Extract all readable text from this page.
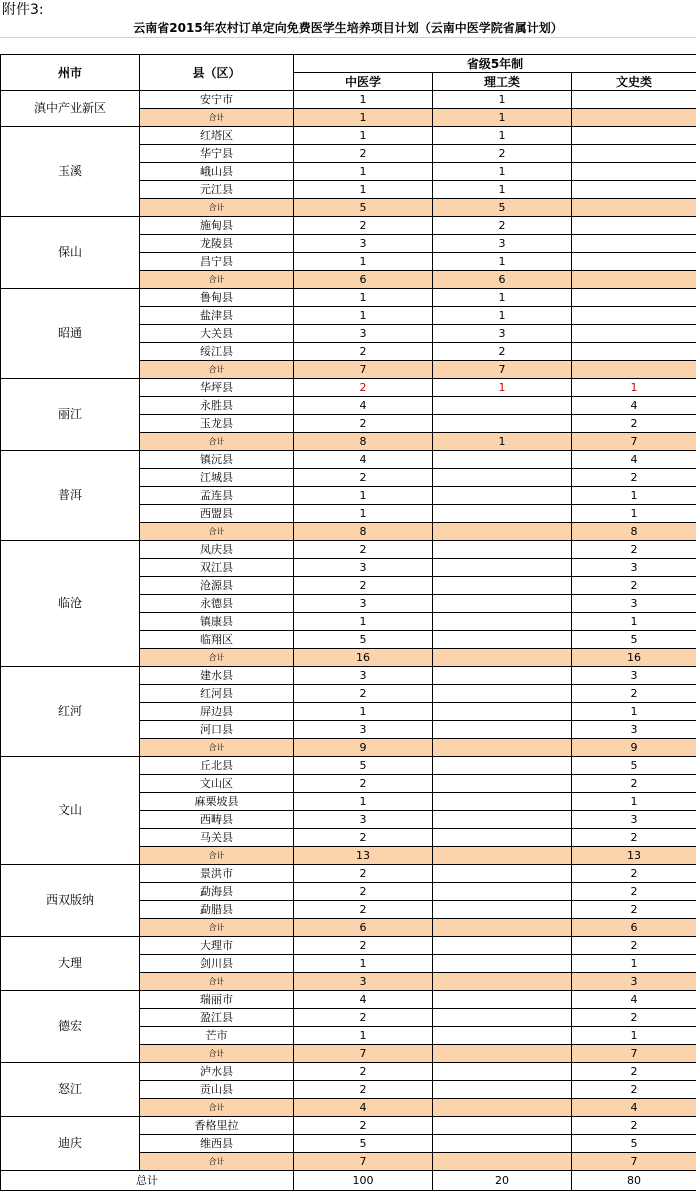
附件3:
云南省2015年农村订单定向免费医学生培养项目计划（云南中医学院省属计划）
州市	县（区）	省级5年制		
		中医学	理工类	文史类
滇中产业新区	安宁市	1	1	
	合计	1	1	
玉溪	红塔区	1	1	
	华宁县	2	2	
	峨山县	1	1	
	元江县	1	1	
	合计	5	5	
保山	施甸县	2	2	
	龙陵县	3	3	
	昌宁县	1	1	
	合计	6	6	
昭通	鲁甸县	1	1	
	盐津县	1	1	
	大关县	3	3	
	绥江县	2	2	
	合计	7	7	
丽江	华坪县	2	1	1
	永胜县	4		4
	玉龙县	2		2
	合计	8	1	7
普洱	镇沅县	4		4
	江城县	2		2
	孟连县	1		1
	西盟县	1		1
	合计	8		8
临沧	凤庆县	2		2
	双江县	3		3
	沧源县	2		2
	永德县	3		3
	镇康县	1		1
	临翔区	5		5
	合计	16		16
红河	建水县	3		3
	红河县	2		2
	屏边县	1		1
	河口县	3		3
	合计	9		9
文山	丘北县	5		5
	文山区	2		2
	麻栗坡县	1		1
	西畴县	3		3
	马关县	2		2
	合计	13		13
西双版纳	景洪市	2		2
	勐海县	2		2
	勐腊县	2		2
	合计	6		6
大理	大理市	2		2
	剑川县	1		1
	合计	3		3
德宏	瑞丽市	4		4
	盈江县	2		2
	芒市	1		1
	合计	7		7
怒江	泸水县	2		2
	贡山县	2		2
	合计	4		4
迪庆	香格里拉	2		2
	维西县	5		5
	合计	7		7
总计		100	20	80
